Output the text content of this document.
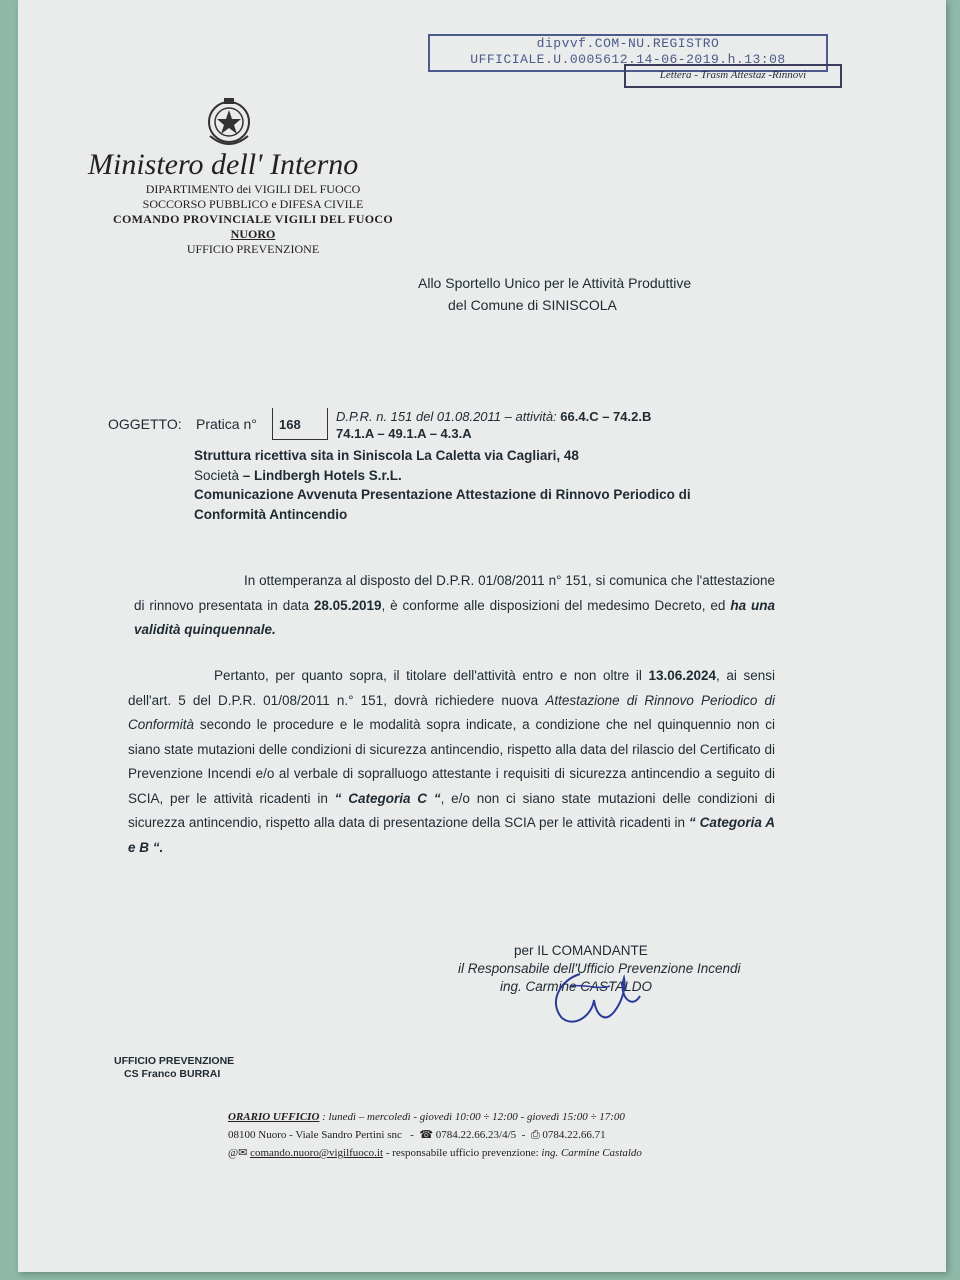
dipvvf.COM-NU.REGISTRO
UFFICIALE.U.0005612.14-06-2019.h.13:08
Lettera - Trasm Attestaz -Rinnovi
Ministero dell' Interno
DIPARTIMENTO dei VIGILI DEL FUOCO
SOCCORSO PUBBLICO e DIFESA CIVILE
COMANDO PROVINCIALE VIGILI DEL FUOCO
NUORO
UFFICIO PREVENZIONE
Allo Sportello Unico per le Attività Produttive
del Comune di SINISCOLA
OGGETTO: Pratica n°	168
D.P.R. n. 151 del 01.08.2011 – attività: 66.4.C – 74.2.B
74.1.A – 49.1.A – 4.3.A
Struttura ricettiva sita in Siniscola La Caletta via Cagliari, 48
Società – Lindbergh Hotels S.r.L.
Comunicazione Avvenuta Presentazione Attestazione di Rinnovo Periodico di
Conformità Antincendio
In ottemperanza al disposto del D.P.R. 01/08/2011 n° 151, si comunica che l'attestazione di rinnovo presentata in data 28.05.2019, è conforme alle disposizioni del medesimo Decreto, ed ha una validità quinquennale.
Pertanto, per quanto sopra, il titolare dell'attività entro e non oltre il 13.06.2024, ai sensi dell'art. 5 del D.P.R. 01/08/2011 n.° 151, dovrà richiedere nuova Attestazione di Rinnovo Periodico di Conformità secondo le procedure e le modalità sopra indicate, a condizione che nel quinquennio non ci siano state mutazioni delle condizioni di sicurezza antincendio, rispetto alla data del rilascio del Certificato di Prevenzione Incendi e/o al verbale di sopralluogo attestante i requisiti di sicurezza antincendio a seguito di SCIA, per le attività ricadenti in “ Categoria C “, e/o non ci siano state mutazioni delle condizioni di sicurezza antincendio, rispetto alla data di presentazione della SCIA per le attività ricadenti in “ Categoria A e B “.
per IL COMANDANTE
il Responsabile dell'Ufficio Prevenzione Incendi
ing. Carmine CASTALDO
UFFICIO PREVENZIONE
CS Franco BURRAI
ORARIO UFFICIO : lunedì – mercoledì - giovedì 10:00 ÷ 12:00 - giovedì 15:00 ÷ 17:00
08100 Nuoro - Viale Sandro Pertini snc   -  ☎ 0784.22.66.23/4/5  -  ⎙ 0784.22.66.71
@✉ comando.nuoro@vigilfuoco.it - responsabile ufficio prevenzione: ing. Carmine Castaldo
